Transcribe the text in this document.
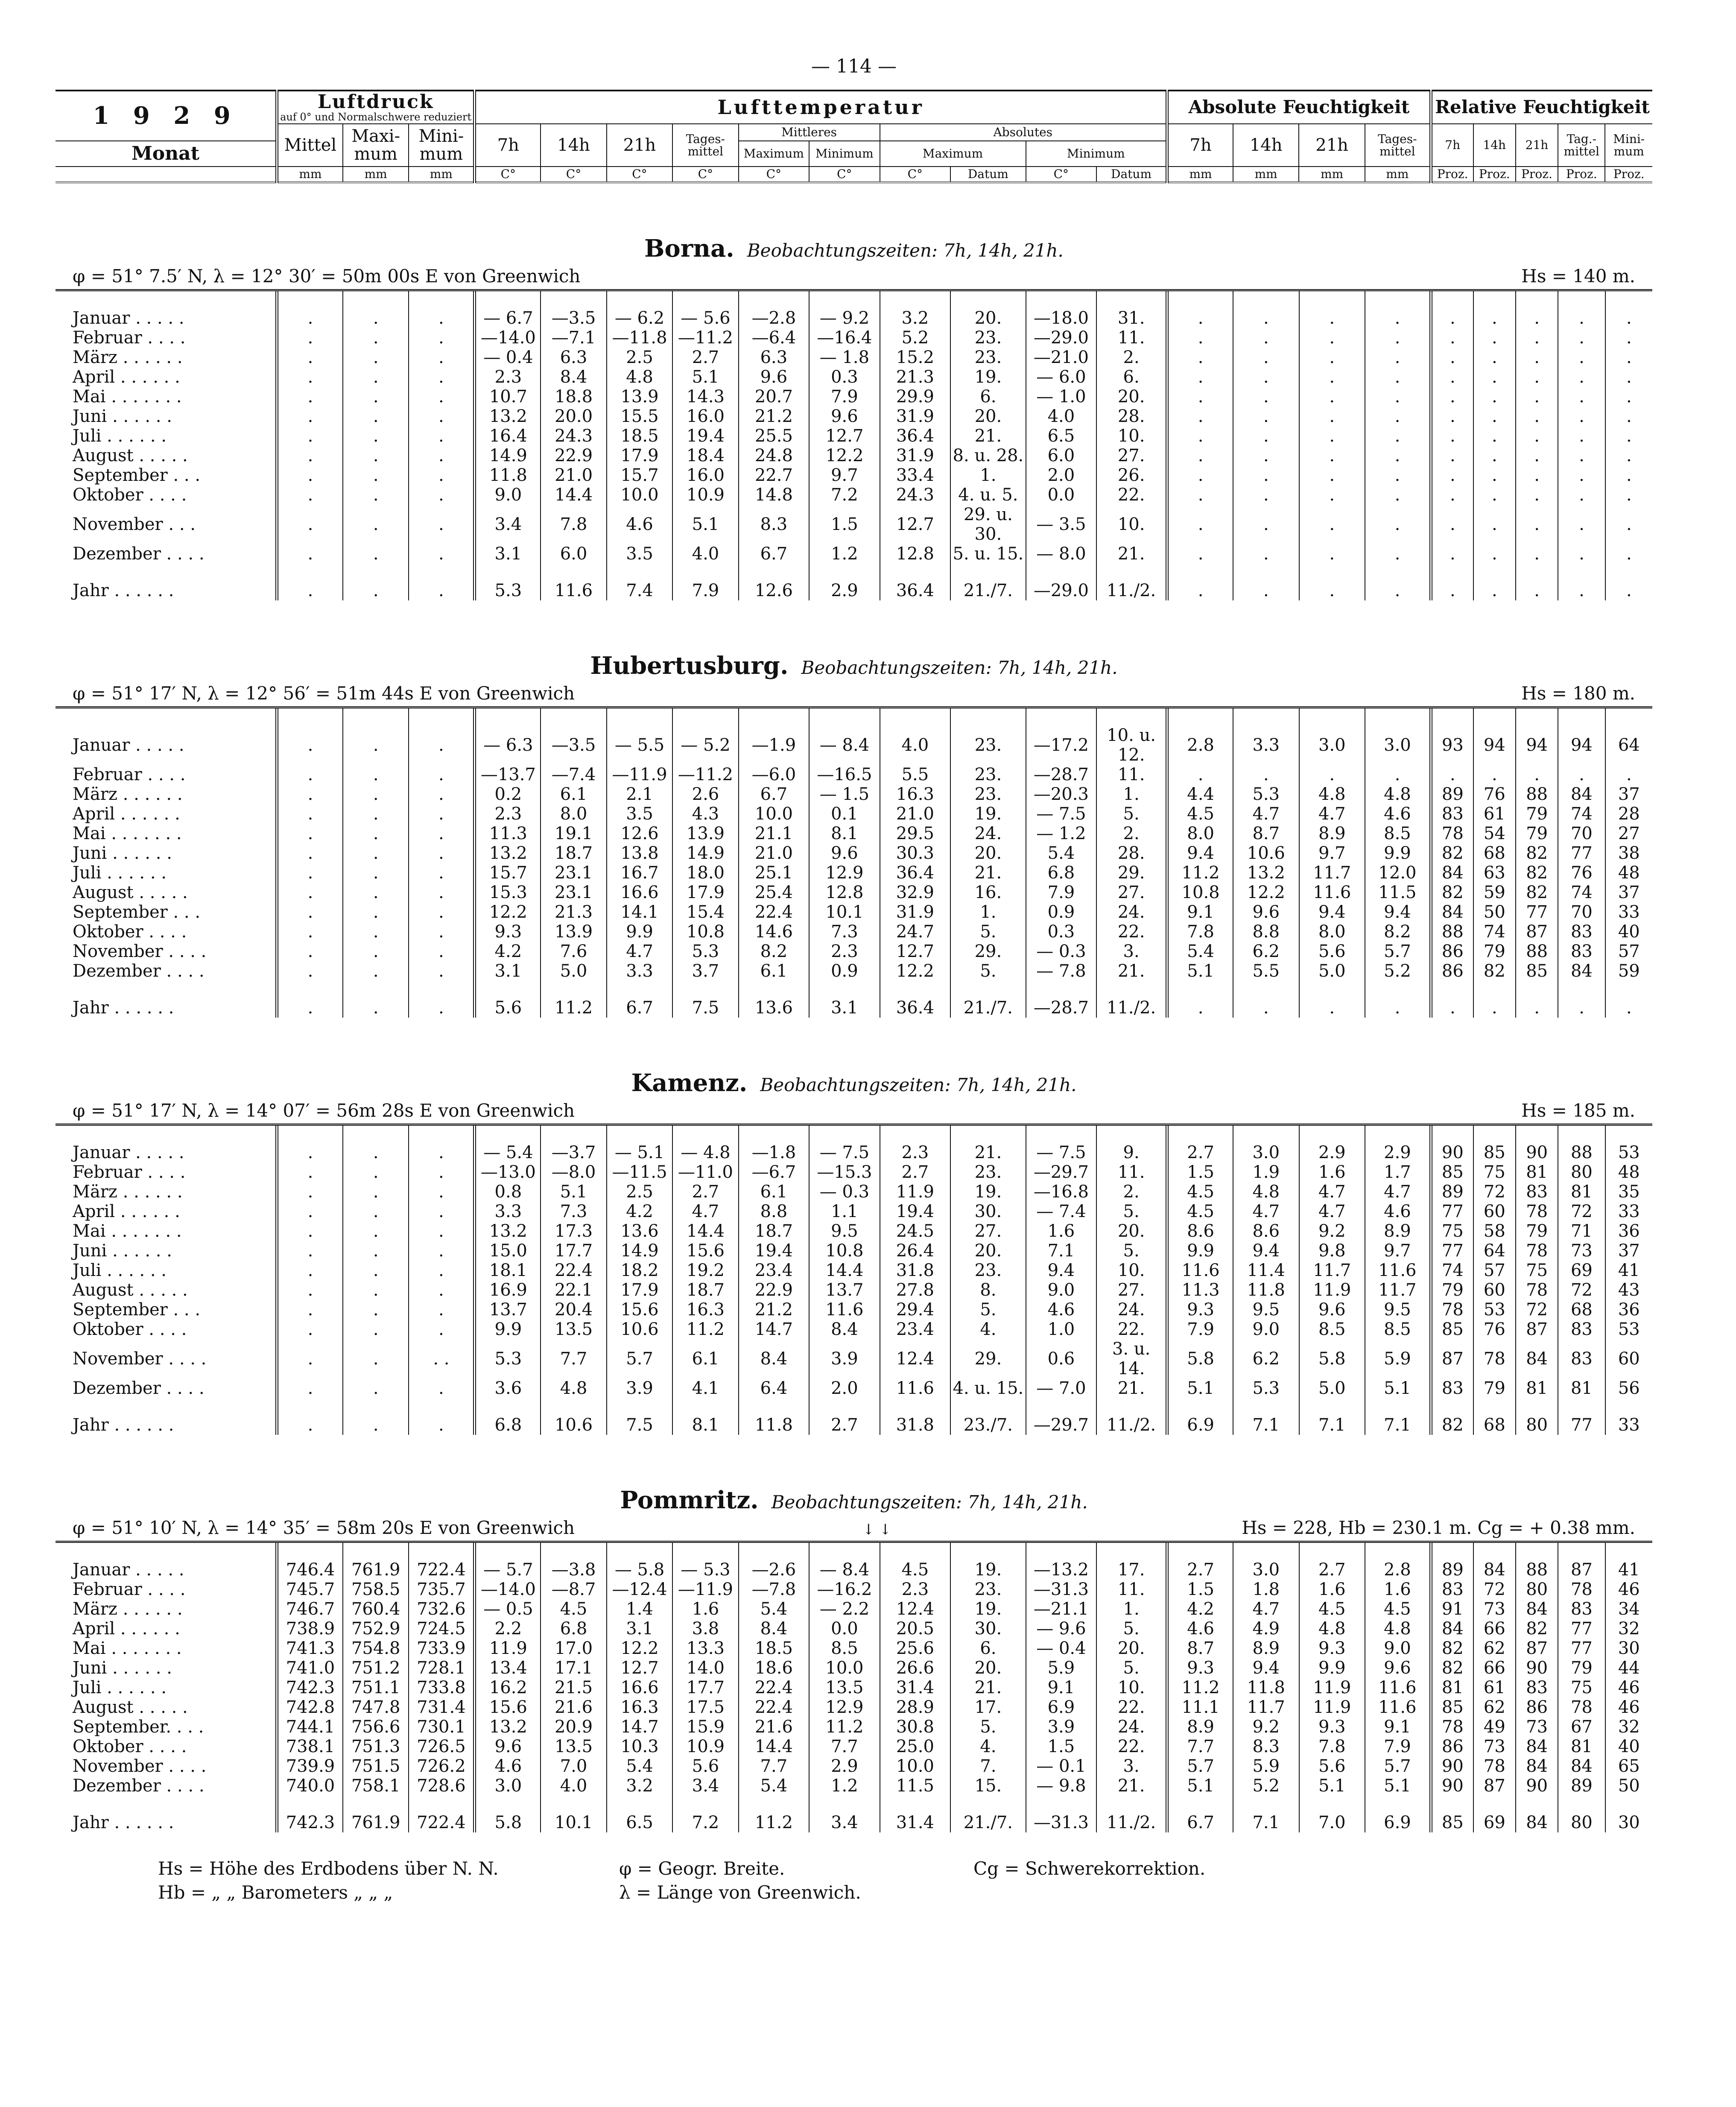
— 114 —
1 9 2 9	Luftdruck
auf 0° und Normalschwere reduziert			Lufttemperatur										Absolute Feuchtigkeit				Relative Feuchtigkeit				
	Mittel	Maxi-mum	Mini-mum	7h	14h	21h	Tages-mittel	Mittleres		Absolutes				7h	14h	21h	Tages-mittel	7h	14h	21h	Tag.-mittel	Mini-mum
Monat								Maximum	Minimum	Maximum		Minimum										

	mm	mm	mm	C°	C°	C°	C°	C°	C°	C°	Datum	C°	Datum	mm	mm	mm	mm	Proz.	Proz.	Proz.	Proz.	Proz.
Borna. Beobachtungszeiten: 7h, 14h, 21h.
φ = 51° 7.5′ N, λ = 12° 30′ = 50m 00s E von Greenwich	Hs = 140 m.

Januar . . . . .	.	.	.	— 6.7	—3.5	— 6.2	— 5.6	—2.8	— 9.2	3.2	20.	—18.0	31.	.	.	.	.	.	.	.	.	.
Februar . . . .	.	.	.	—14.0	—7.1	—11.8	—11.2	—6.4	—16.4	5.2	23.	—29.0	11.	.	.	.	.	.	.	.	.	.
März . . . . . .	.	.	.	— 0.4	6.3	2.5	2.7	6.3	— 1.8	15.2	23.	—21.0	2.	.	.	.	.	.	.	.	.	.
April . . . . . .	.	.	.	2.3	8.4	4.8	5.1	9.6	0.3	21.3	19.	— 6.0	6.	.	.	.	.	.	.	.	.	.
Mai . . . . . . .	.	.	.	10.7	18.8	13.9	14.3	20.7	7.9	29.9	6.	— 1.0	20.	.	.	.	.	.	.	.	.	.
Juni . . . . . .	.	.	.	13.2	20.0	15.5	16.0	21.2	9.6	31.9	20.	4.0	28.	.	.	.	.	.	.	.	.	.
Juli . . . . . .	.	.	.	16.4	24.3	18.5	19.4	25.5	12.7	36.4	21.	6.5	10.	.	.	.	.	.	.	.	.	.
August . . . . .	.	.	.	14.9	22.9	17.9	18.4	24.8	12.2	31.9	8. u. 28.	6.0	27.	.	.	.	.	.	.	.	.	.
September . . .	.	.	.	11.8	21.0	15.7	16.0	22.7	9.7	33.4	1.	2.0	26.	.	.	.	.	.	.	.	.	.
Oktober . . . .	.	.	.	9.0	14.4	10.0	10.9	14.8	7.2	24.3	4. u. 5.	0.0	22.	.	.	.	.	.	.	.	.	.
November . . .	.	.	.	3.4	7.8	4.6	5.1	8.3	1.5	12.7	29. u. 30.	— 3.5	10.	.	.	.	.	.	.	.	.	.
Dezember . . . .	.	.	.	3.1	6.0	3.5	4.0	6.7	1.2	12.8	5. u. 15.	— 8.0	21.	.	.	.	.	.	.	.	.	.

Jahr . . . . . .	.	.	.	5.3	11.6	7.4	7.9	12.6	2.9	36.4	21./7.	—29.0	11./2.	.	.	.	.	.	.	.	.	.
Hubertusburg. Beobachtungszeiten: 7h, 14h, 21h.
φ = 51° 17′ N, λ = 12° 56′ = 51m 44s E von Greenwich	Hs = 180 m.

Januar . . . . .	.	.	.	— 6.3	—3.5	— 5.5	— 5.2	—1.9	— 8.4	4.0	23.	—17.2	10. u. 12.	2.8	3.3	3.0	3.0	93	94	94	94	64
Februar . . . .	.	.	.	—13.7	—7.4	—11.9	—11.2	—6.0	—16.5	5.5	23.	—28.7	11.	.	.	.	.	.	.	.	.	.
März . . . . . .	.	.	.	0.2	6.1	2.1	2.6	6.7	— 1.5	16.3	23.	—20.3	1.	4.4	5.3	4.8	4.8	89	76	88	84	37
April . . . . . .	.	.	.	2.3	8.0	3.5	4.3	10.0	0.1	21.0	19.	— 7.5	5.	4.5	4.7	4.7	4.6	83	61	79	74	28
Mai . . . . . . .	.	.	.	11.3	19.1	12.6	13.9	21.1	8.1	29.5	24.	— 1.2	2.	8.0	8.7	8.9	8.5	78	54	79	70	27
Juni . . . . . .	.	.	.	13.2	18.7	13.8	14.9	21.0	9.6	30.3	20.	5.4	28.	9.4	10.6	9.7	9.9	82	68	82	77	38
Juli . . . . . .	.	.	.	15.7	23.1	16.7	18.0	25.1	12.9	36.4	21.	6.8	29.	11.2	13.2	11.7	12.0	84	63	82	76	48
August . . . . .	.	.	.	15.3	23.1	16.6	17.9	25.4	12.8	32.9	16.	7.9	27.	10.8	12.2	11.6	11.5	82	59	82	74	37
September . . .	.	.	.	12.2	21.3	14.1	15.4	22.4	10.1	31.9	1.	0.9	24.	9.1	9.6	9.4	9.4	84	50	77	70	33
Oktober . . . .	.	.	.	9.3	13.9	9.9	10.8	14.6	7.3	24.7	5.	0.3	22.	7.8	8.8	8.0	8.2	88	74	87	83	40
November . . . .	.	.	.	4.2	7.6	4.7	5.3	8.2	2.3	12.7	29.	— 0.3	3.	5.4	6.2	5.6	5.7	86	79	88	83	57
Dezember . . . .	.	.	.	3.1	5.0	3.3	3.7	6.1	0.9	12.2	5.	— 7.8	21.	5.1	5.5	5.0	5.2	86	82	85	84	59

Jahr . . . . . .	.	.	.	5.6	11.2	6.7	7.5	13.6	3.1	36.4	21./7.	—28.7	11./2.	.	.	.	.	.	.	.	.	.
Kamenz. Beobachtungszeiten: 7h, 14h, 21h.
φ = 51° 17′ N, λ = 14° 07′ = 56m 28s E von Greenwich	Hs = 185 m.

Januar . . . . .	.	.	.	— 5.4	—3.7	— 5.1	— 4.8	—1.8	— 7.5	2.3	21.	— 7.5	9.	2.7	3.0	2.9	2.9	90	85	90	88	53
Februar . . . .	.	.	.	—13.0	—8.0	—11.5	—11.0	—6.7	—15.3	2.7	23.	—29.7	11.	1.5	1.9	1.6	1.7	85	75	81	80	48
März . . . . . .	.	.	.	0.8	5.1	2.5	2.7	6.1	— 0.3	11.9	19.	—16.8	2.	4.5	4.8	4.7	4.7	89	72	83	81	35
April . . . . . .	.	.	.	3.3	7.3	4.2	4.7	8.8	1.1	19.4	30.	— 7.4	5.	4.5	4.7	4.7	4.6	77	60	78	72	33
Mai . . . . . . .	.	.	.	13.2	17.3	13.6	14.4	18.7	9.5	24.5	27.	1.6	20.	8.6	8.6	9.2	8.9	75	58	79	71	36
Juni . . . . . .	.	.	.	15.0	17.7	14.9	15.6	19.4	10.8	26.4	20.	7.1	5.	9.9	9.4	9.8	9.7	77	64	78	73	37
Juli . . . . . .	.	.	.	18.1	22.4	18.2	19.2	23.4	14.4	31.8	23.	9.4	10.	11.6	11.4	11.7	11.6	74	57	75	69	41
August . . . . .	.	.	.	16.9	22.1	17.9	18.7	22.9	13.7	27.8	8.	9.0	27.	11.3	11.8	11.9	11.7	79	60	78	72	43
September . . .	.	.	.	13.7	20.4	15.6	16.3	21.2	11.6	29.4	5.	4.6	24.	9.3	9.5	9.6	9.5	78	53	72	68	36
Oktober . . . .	.	.	.	9.9	13.5	10.6	11.2	14.7	8.4	23.4	4.	1.0	22.	7.9	9.0	8.5	8.5	85	76	87	83	53
November . . . .	.	.	. .	5.3	7.7	5.7	6.1	8.4	3.9	12.4	29.	0.6	3. u. 14.	5.8	6.2	5.8	5.9	87	78	84	83	60
Dezember . . . .	.	.	.	3.6	4.8	3.9	4.1	6.4	2.0	11.6	4. u. 15.	— 7.0	21.	5.1	5.3	5.0	5.1	83	79	81	81	56

Jahr . . . . . .	.	.	.	6.8	10.6	7.5	8.1	11.8	2.7	31.8	23./7.	—29.7	11./2.	6.9	7.1	7.1	7.1	82	68	80	77	33
Pommritz. Beobachtungszeiten: 7h, 14h, 21h.
φ = 51° 10′ N, λ = 14° 35′ = 58m 20s E von Greenwich	Hs = 228, Hb = 230.1 m. Cg = + 0.38 mm.
↓ ↓

Januar . . . . .	746.4	761.9	722.4	— 5.7	—3.8	— 5.8	— 5.3	—2.6	— 8.4	4.5	19.	—13.2	17.	2.7	3.0	2.7	2.8	89	84	88	87	41
Februar . . . .	745.7	758.5	735.7	—14.0	—8.7	—12.4	—11.9	—7.8	—16.2	2.3	23.	—31.3	11.	1.5	1.8	1.6	1.6	83	72	80	78	46
März . . . . . .	746.7	760.4	732.6	— 0.5	4.5	1.4	1.6	5.4	— 2.2	12.4	19.	—21.1	1.	4.2	4.7	4.5	4.5	91	73	84	83	34
April . . . . . .	738.9	752.9	724.5	2.2	6.8	3.1	3.8	8.4	0.0	20.5	30.	— 9.6	5.	4.6	4.9	4.8	4.8	84	66	82	77	32
Mai . . . . . . .	741.3	754.8	733.9	11.9	17.0	12.2	13.3	18.5	8.5	25.6	6.	— 0.4	20.	8.7	8.9	9.3	9.0	82	62	87	77	30
Juni . . . . . .	741.0	751.2	728.1	13.4	17.1	12.7	14.0	18.6	10.0	26.6	20.	5.9	5.	9.3	9.4	9.9	9.6	82	66	90	79	44
Juli . . . . . .	742.3	751.1	733.8	16.2	21.5	16.6	17.7	22.4	13.5	31.4	21.	9.1	10.	11.2	11.8	11.9	11.6	81	61	83	75	46
August . . . . .	742.8	747.8	731.4	15.6	21.6	16.3	17.5	22.4	12.9	28.9	17.	6.9	22.	11.1	11.7	11.9	11.6	85	62	86	78	46
September. . . .	744.1	756.6	730.1	13.2	20.9	14.7	15.9	21.6	11.2	30.8	5.	3.9	24.	8.9	9.2	9.3	9.1	78	49	73	67	32
Oktober . . . .	738.1	751.3	726.5	9.6	13.5	10.3	10.9	14.4	7.7	25.0	4.	1.5	22.	7.7	8.3	7.8	7.9	86	73	84	81	40
November . . . .	739.9	751.5	726.2	4.6	7.0	5.4	5.6	7.7	2.9	10.0	7.	— 0.1	3.	5.7	5.9	5.6	5.7	90	78	84	84	65
Dezember . . . .	740.0	758.1	728.6	3.0	4.0	3.2	3.4	5.4	1.2	11.5	15.	— 9.8	21.	5.1	5.2	5.1	5.1	90	87	90	89	50

Jahr . . . . . .	742.3	761.9	722.4	5.8	10.1	6.5	7.2	11.2	3.4	31.4	21./7.	—31.3	11./2.	6.7	7.1	7.0	6.9	85	69	84	80	30
Hs = Höhe des Erdbodens über N. N.
Hb = „ „ Barometers „ „ „
φ = Geogr. Breite.
λ = Länge von Greenwich.
Cg = Schwerekorrektion.
